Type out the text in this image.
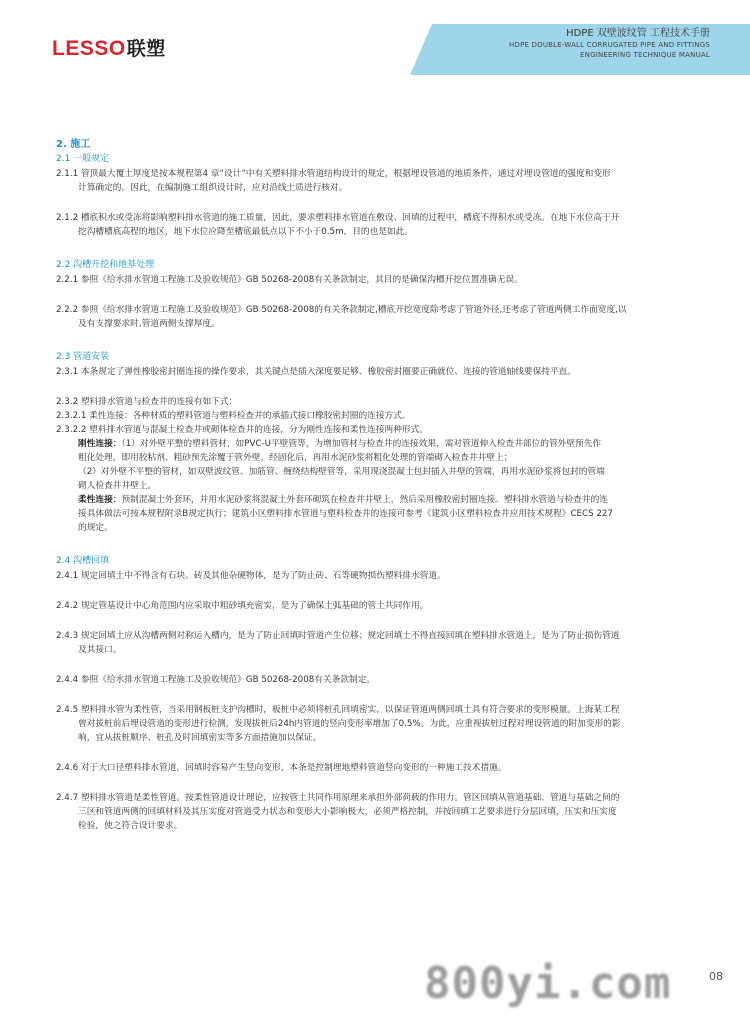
LESSO联塑
HDPE 双壁波纹管 工程技术手册
HDPE DOUBLE-WALL CORRUGATED PIPE AND FITTINGS
ENGINEERING TECHNIQUE MANUAL
2. 施工
2.1 一般规定
2.1.1 管顶最大覆土厚度是按本规程第4 章“设计”中有关塑料排水管道结构设计的规定，根据埋设管道的地质条件，通过对埋设管道的强度和变形
计算确定的。因此，在编制施工组织设计时，应对沿线土质进行核对。
2.1.2 槽底积水或受冻将影响塑料排水管道的施工质量，因此，要求塑料排水管道在敷设、回填的过程中，槽底不得积水或受冻。在地下水位高于开
挖沟槽槽底高程的地区，地下水位应降至槽底最低点以下不小于0.5m，目的也是如此。
2.2 沟槽开挖和地基处理
2.2.1 参照《给水排水管道工程施工及验收规范》GB 50268-2008有关条款制定，其目的是确保沟槽开挖位置准确无误。
2.2.2 参照《给水排水管道工程施工及验收规范》GB 50268-2008的有关条款制定,槽底开挖宽度除考虑了管道外径,还考虑了管道两侧工作面宽度,以
及有支撑要求时,管道两侧支撑厚度。
2.3 管道安装
2.3.1 本条规定了弹性橡胶密封圈连接的操作要求，其关键点是插入深度要足够、橡胶密封圈要正确就位、连接的管道轴线要保持平直。
2.3.2 塑料排水管道与检查井的连接有如下式：
2.3.2.1 柔性连接：各种材质的塑料管道与塑料检查井的承插式接口橡胶密封圈的连接方式。
2.3.2.2 塑料排水管道与混凝土检查井或砌体检查井的连接，分为刚性连接和柔性连接两种形式。
刚性连接：（1）对外壁平整的塑料管材，如PVC-U平壁管等，为增加管材与检查井的连接效果，需对管道伸入检查井部位的管外壁预先作
粗化处理，即用胶粘剂、粗砂预先涂覆于管外壁，经固化后，再用水泥砂浆将粗化处理的管端砌入检查井井壁上；
（2）对外壁不平整的管材，如双壁波纹管、加筋管、缠绕结构壁管等，采用现浇混凝土包封插入井壁的管端，再用水泥砂浆将包封的管端
砌人检查井井壁上。
柔性连接：预制混凝土外套环，并用水泥砂浆将混凝土外套环砌筑在检查井井壁上，然后采用橡胶密封圈连接。塑料排水管道与检查井的连
接具体做法可按本规程附录B规定执行；建筑小区塑料排水管道与塑料检查井的连接可参考《建筑小区塑料检查井应用技术规程》CECS 227
的规定。
2.4 沟槽回填
2.4.1 规定回填土中不得含有石块、砖及其他杂硬物体，是为了防止砖、石等硬物损伤塑料排水管道。
2.4.2 规定管基设计中心角范围内应采取中粗砂填充密实，是为了确保土弧基础的管土共同作用。
2.4.3 规定回填土应从沟槽两侧对称运入槽内，是为了防止回填时管道产生位移；规定回填土不得直接回填在塑料排水管道上，是为了防止损伤管道
及其接口。
2.4.4 参照《给水排水管道工程施工及验收规范》GB 50268-2008有关条款制定。
2.4.5 塑料排水管为柔性管，当采用钢板桩支护沟槽时，板桩中必须将桩孔回填密实，以保证管道两侧回填土具有符合要求的变形模量。上海某工程
曾对拔桩前后埋设管道的变形进行检测，发现拔桩后24h内管道的竖向变形率增加了0.5%。为此，应重视拔桩过程对埋设管道的附加变形的影
响，宜从拔桩顺序、桩孔及时回填密实等多方面措施加以保证。
2.4.6 对于大口径塑料排水管道，回填时容易产生竖向变形，本条是控制埋地塑料管道竖向变形的一种施工技术措施。
2.4.7 塑料排水管道是柔性管道。按柔性管道设计理论，应按管土共同作用原理来承担外部荷载的作用力。管区回填从管道基础、管道与基础之间的
三区和管道两侧的回填材料及其压实度对管道受力状态和变形大小影响极大，必须严格控制，并按回填工艺要求进行分层回填，压实和压实度
检验，使之符合设计要求。
800yi.com	08
